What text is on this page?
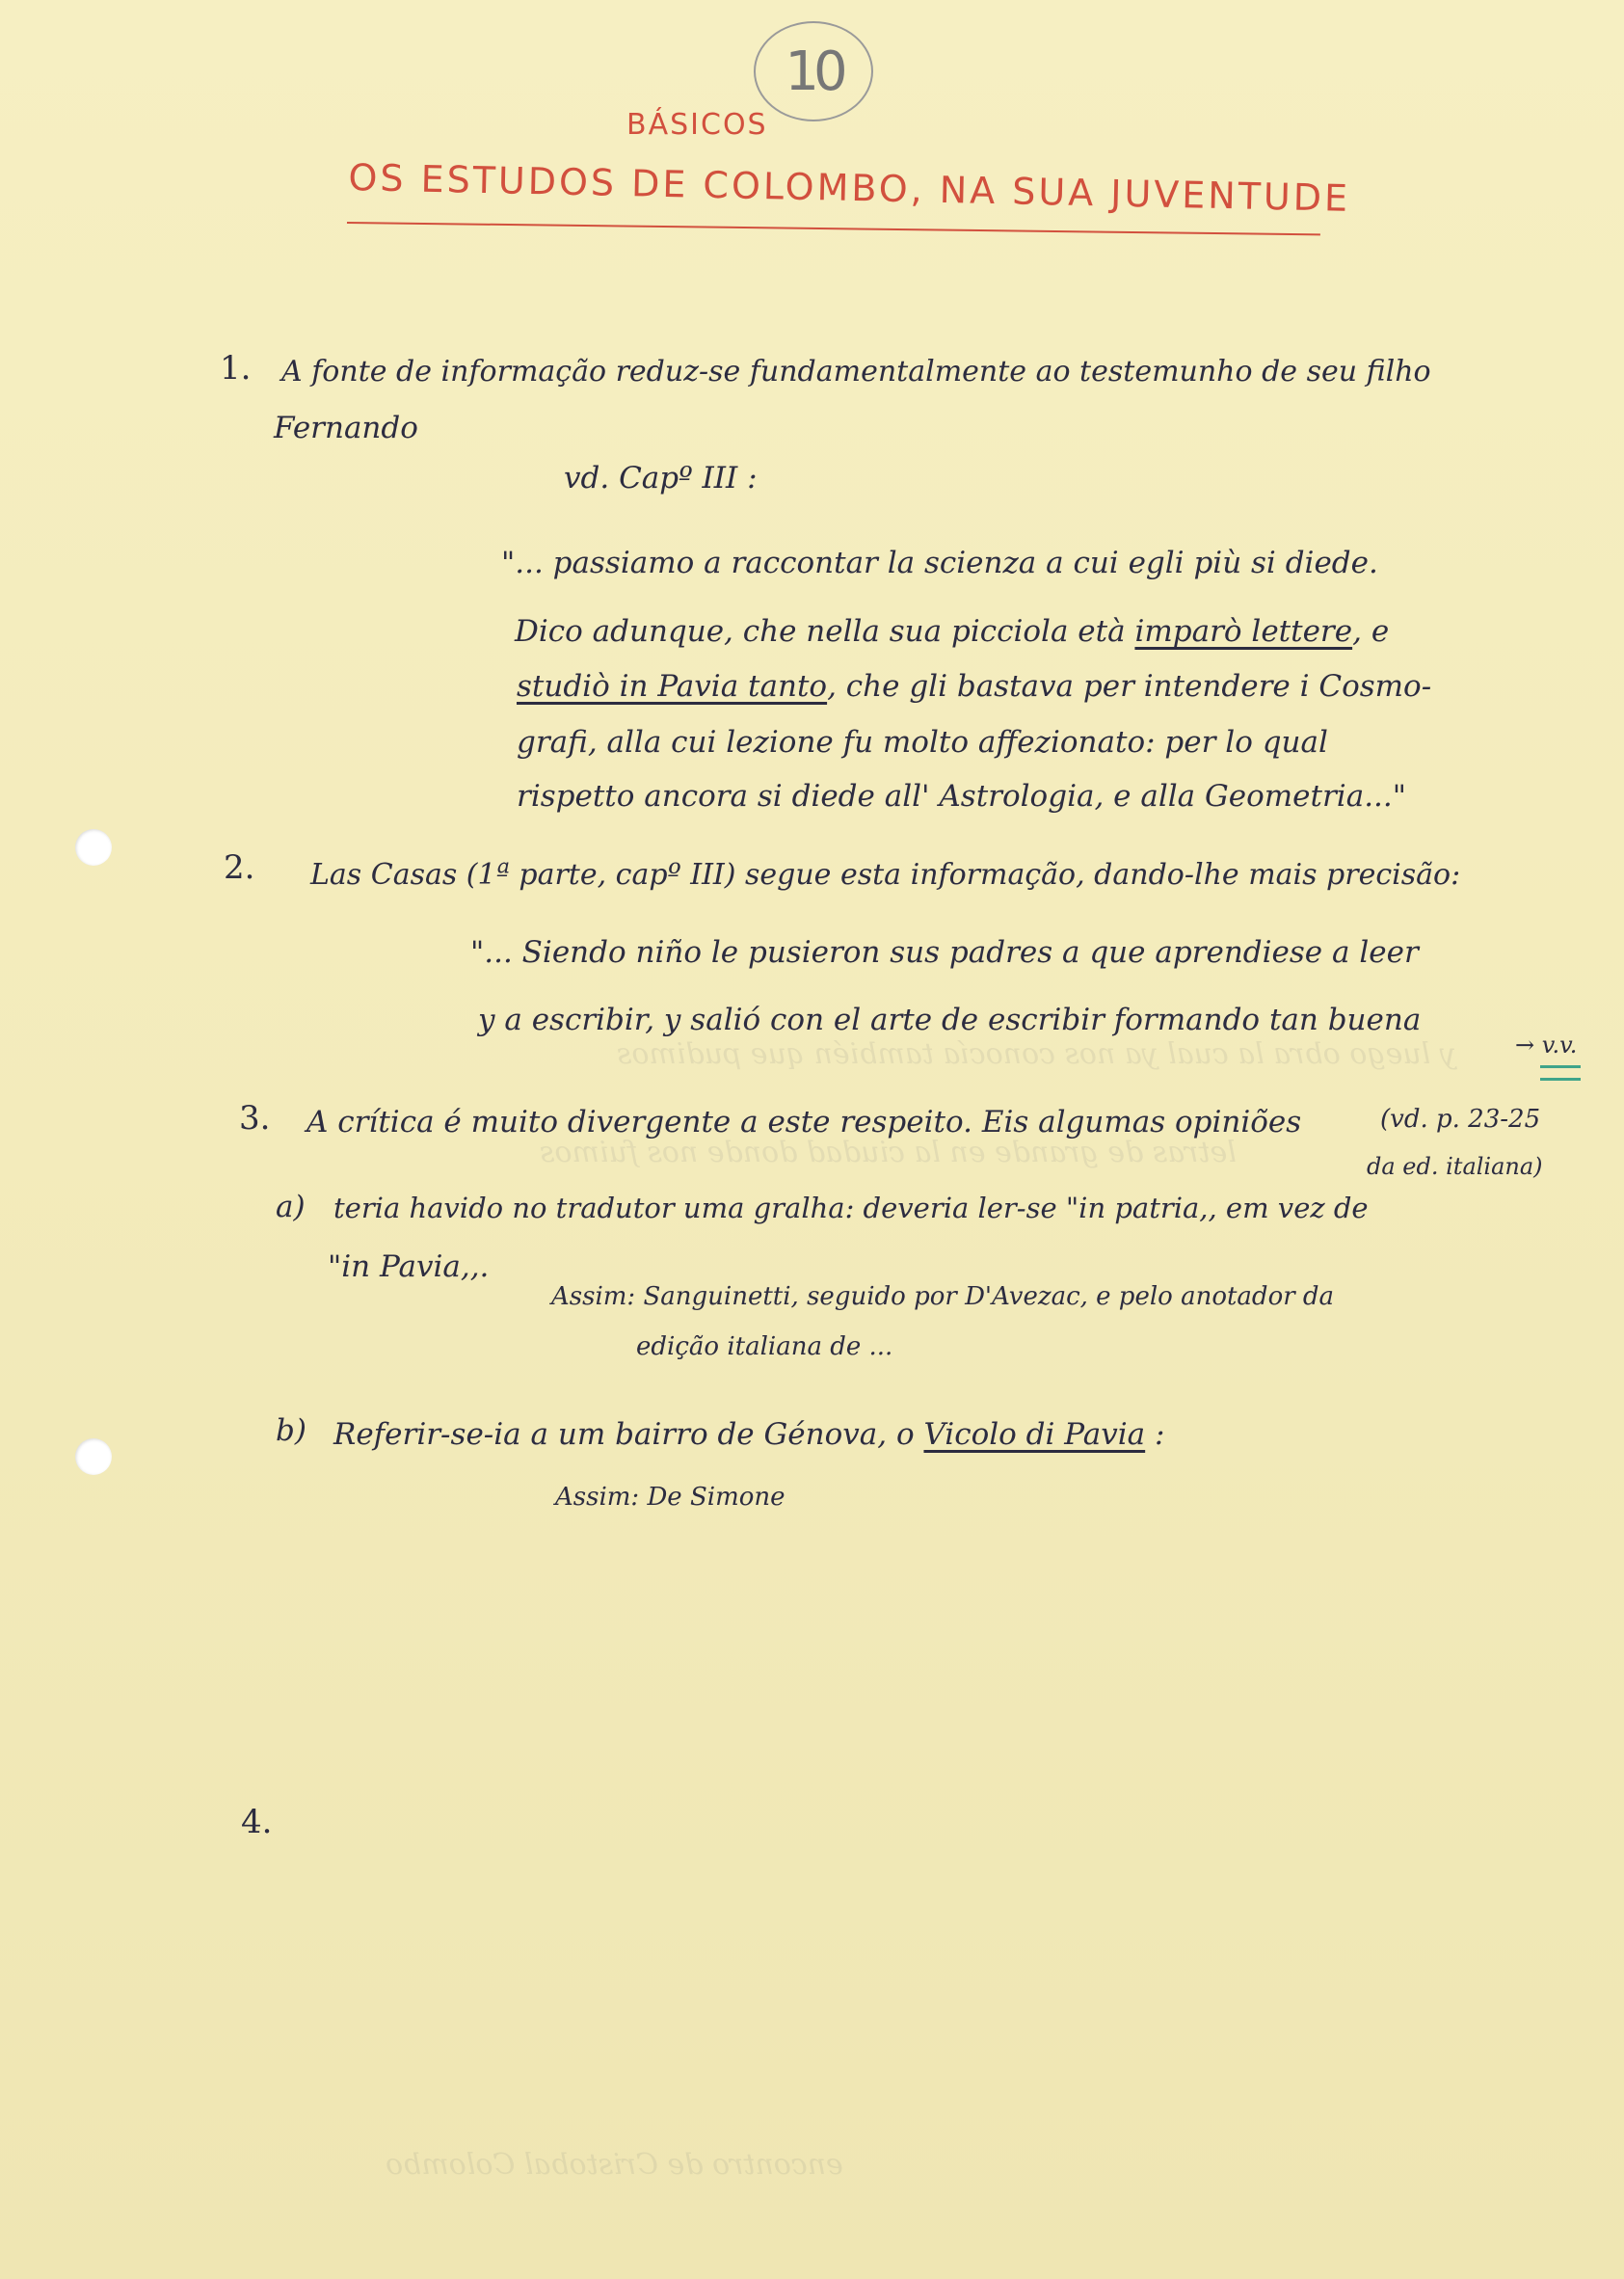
10
BÁSICOS
OS ESTUDOS DE COLOMBO, NA SUA JUVENTUDE
1. A fonte de informação reduz-se fundamentalmente ao testemunho de seu filho
Fernando
vd. Capº III :
"... passiamo a raccontar la scienza a cui egli più si diede.
Dico adunque, che nella sua picciola età imparò lettere, e
studiò in Pavia tanto, che gli bastava per intendere i Cosmo-
grafi, alla cui lezione fu molto affezionato: per lo qual
rispetto ancora si diede all' Astrologia, e alla Geometria..."
2. Las Casas (1ª parte, capº III) segue esta informação, dando-lhe mais precisão:
"... Siendo niño le pusieron sus padres a que aprendiese a leer
y a escribir, y salió con el arte de escribir formando tan buena
→ v.v.
3. A crítica é muito divergente a este respeito. Eis algumas opiniões	(vd. p. 23-25
da ed. italiana)
a) teria havido no tradutor uma gralha: deveria ler-se "in patria,, em vez de
"in Pavia,,.
Assim: Sanguinetti, seguido por D'Avezac, e pelo anotador da
edição italiana de ...
b) Referir-se-ia a um bairro de Génova, o Vicolo di Pavia :
Assim: De Simone
4.
y luego obra la cual ya nos conocía también que pudimos
letras de grande en la ciudad donde nos fuimos
encontro de Cristobal Colombo
